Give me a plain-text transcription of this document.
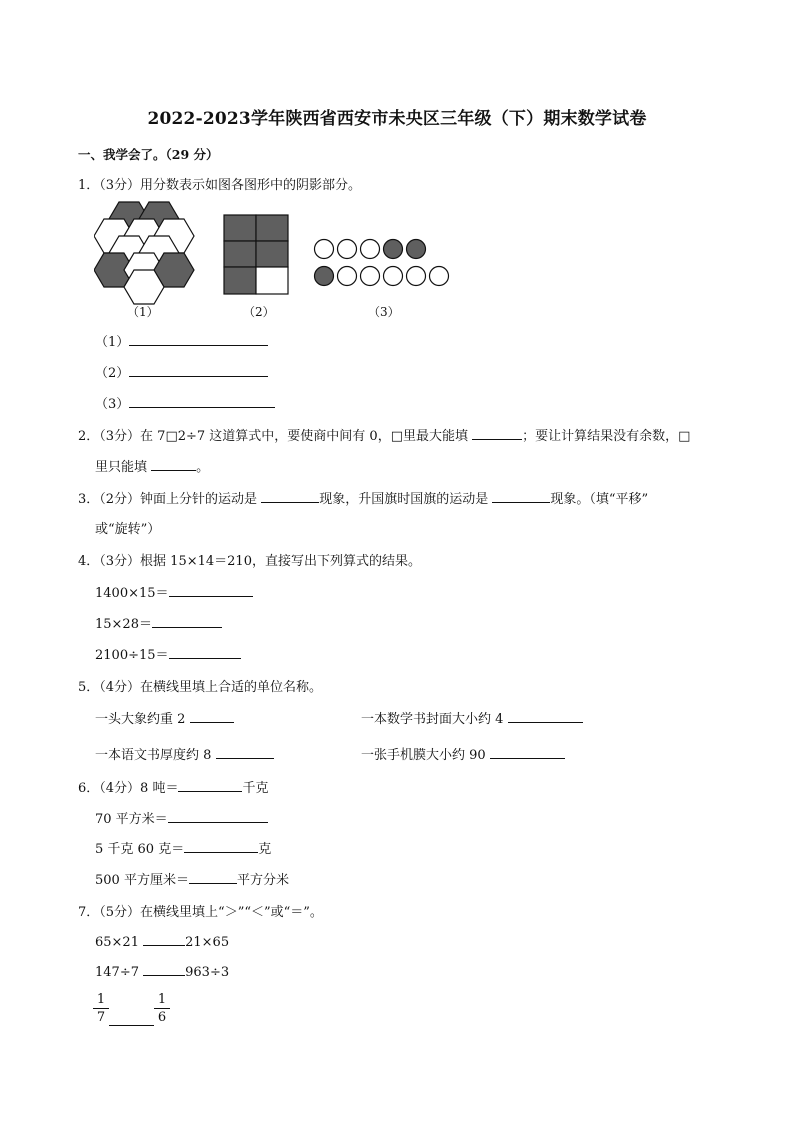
2022-2023学年陕西省西安市未央区三年级（下）期末数学试卷
一、我学会了。（29 分）
1．（3分）用分数表示如图各图形中的阴影部分。
（1）	（2）	（3）
（1）
（2）
（3）
2．（3分）在 7□2÷7 这道算式中，要使商中间有 0，□里最大能填	；要让计算结果没有余数，□
里只能填	。
3．（2分）钟面上分针的运动是	现象，升国旗时国旗的运动是	现象。（填“平移”
或“旋转”）
4．（3分）根据 15×14＝210，直接写出下列算式的结果。
1400×15＝
15×28＝
2100÷15＝
5．（4分）在横线里填上合适的单位名称。
一头大象约重 2	一本数学书封面大小约 4
一本语文书厚度约 8	一张手机膜大小约 90
6．（4分）8 吨＝	千克
70 平方米＝
5 千克 60 克＝	克
500 平方厘米＝	平方分米
7．（5分）在横线里填上“＞”“＜”或“＝”。
65×21	21×65
147÷7	963÷3
$\frac{1}{7}$	$\frac{1}{6}$
